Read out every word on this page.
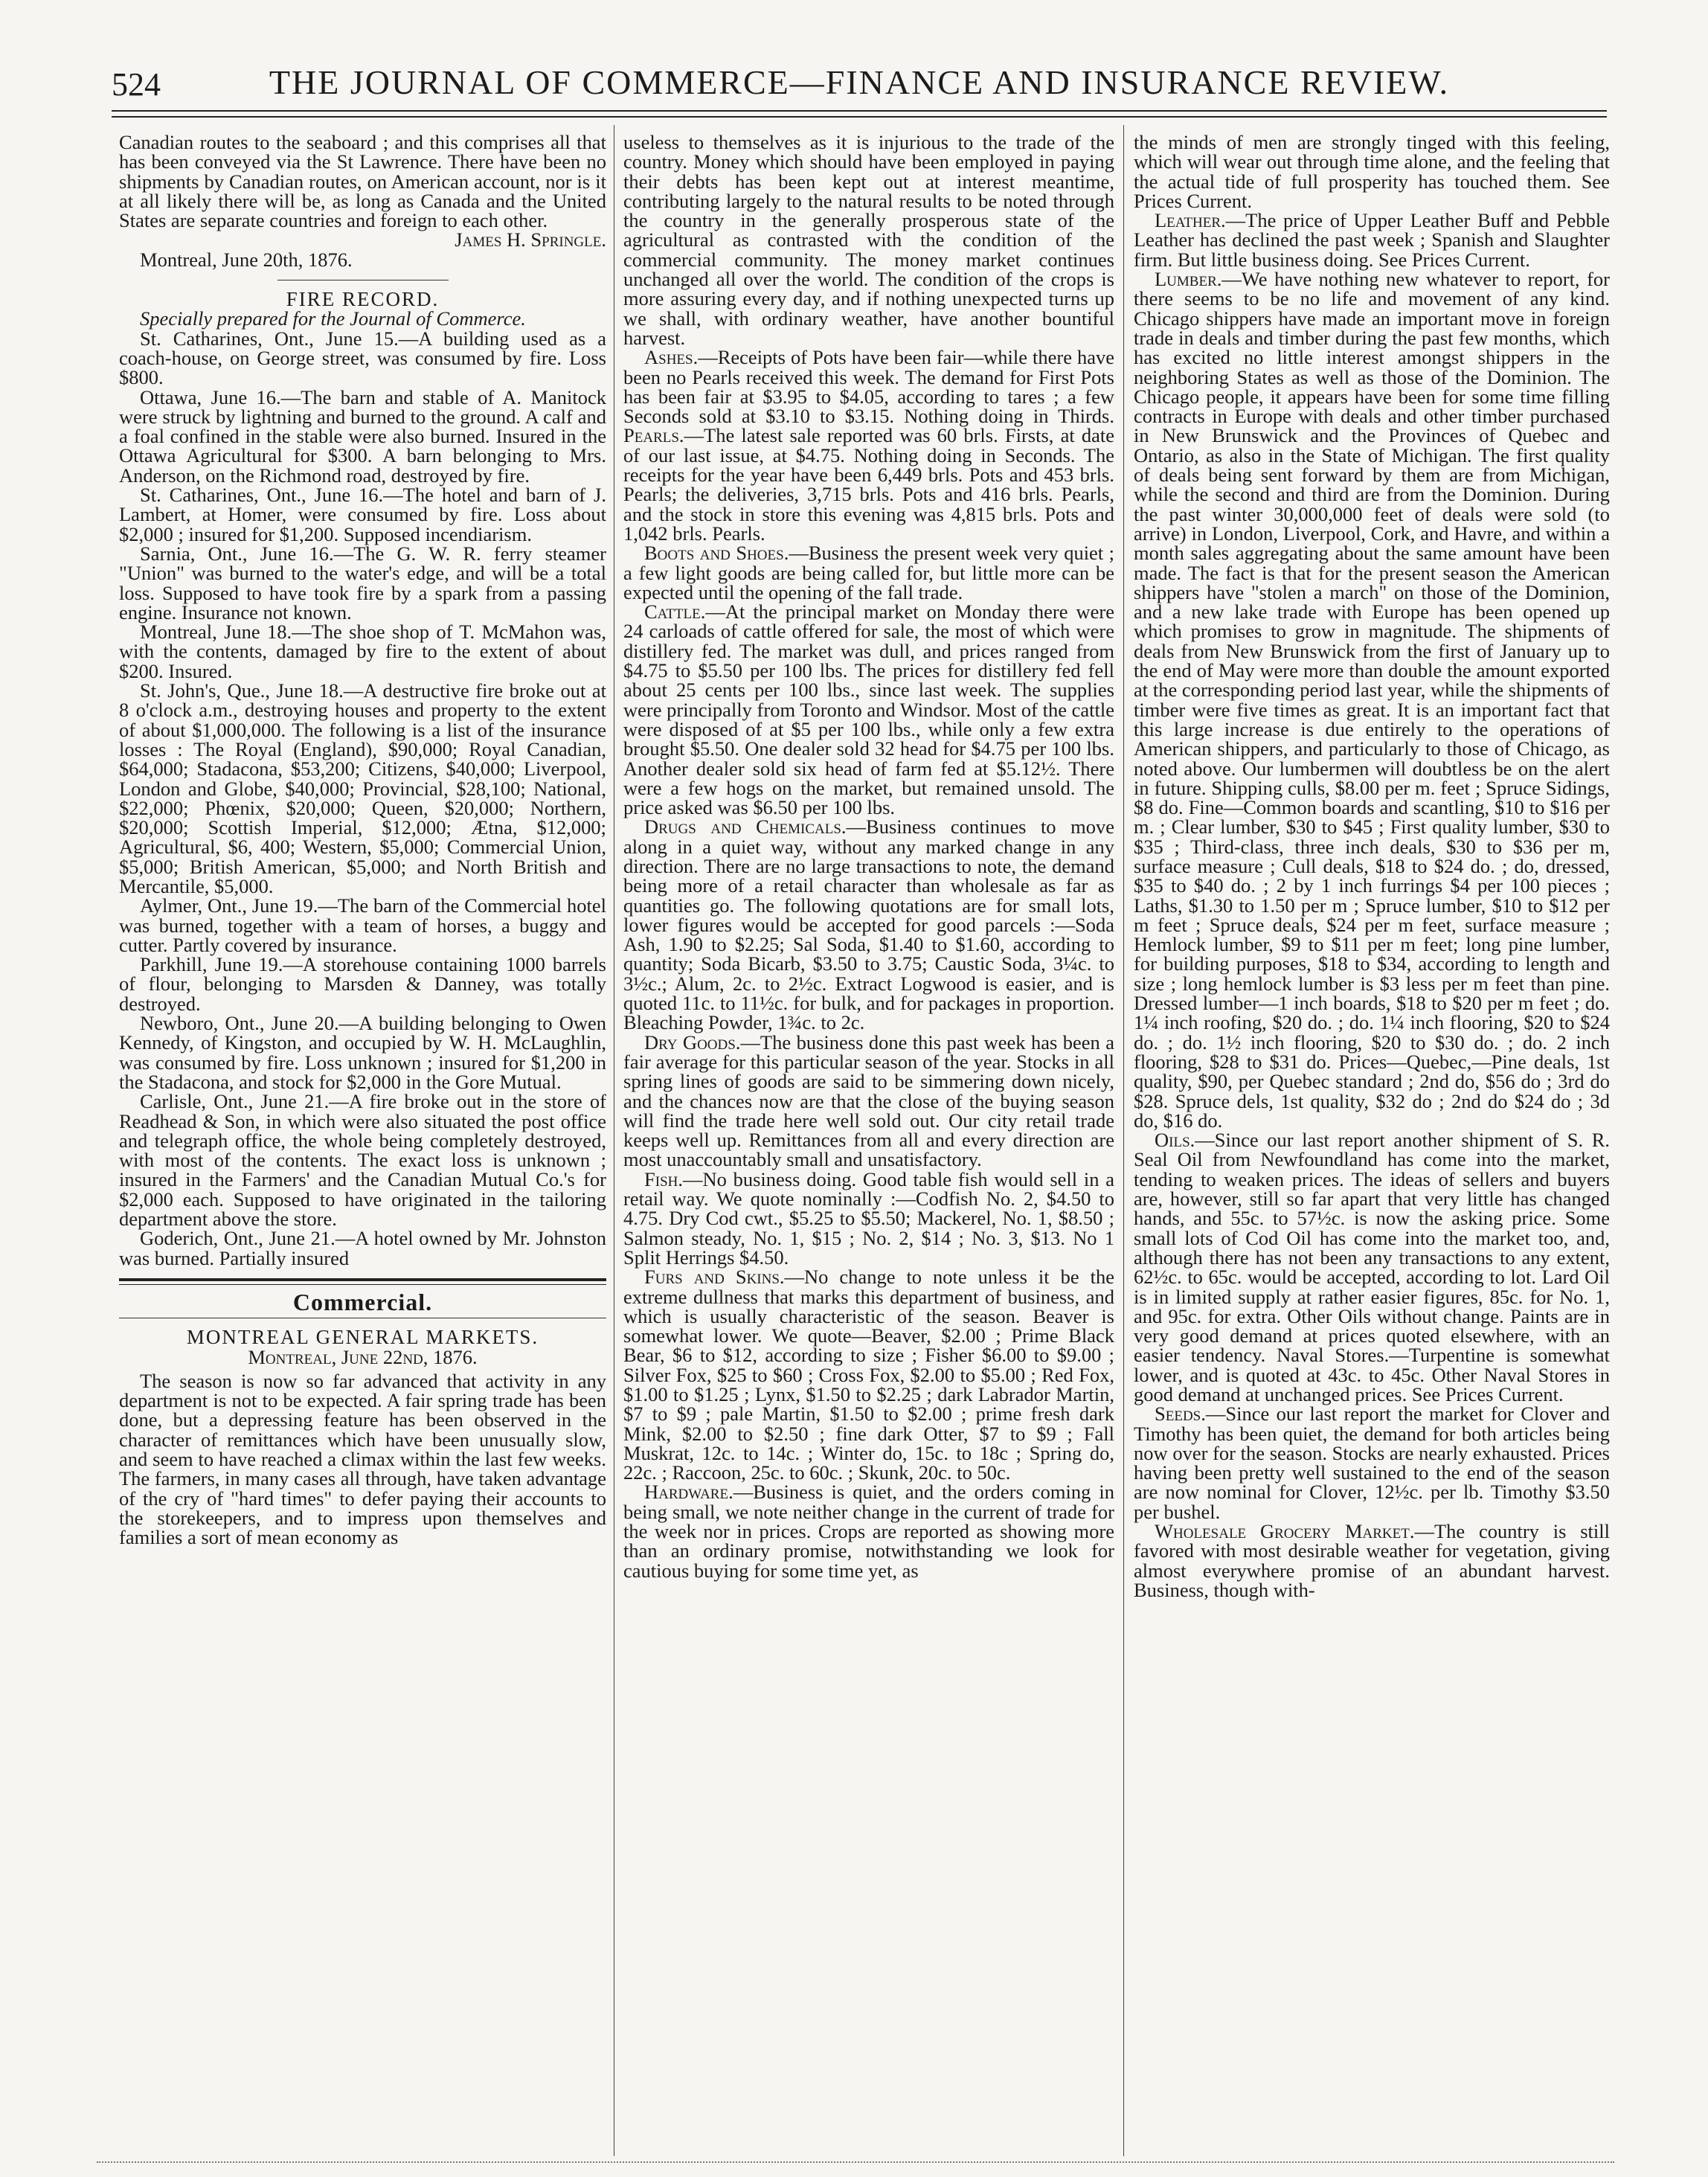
524	THE JOURNAL OF COMMERCE—FINANCE AND INSURANCE REVIEW.

Canadian routes to the seaboard ; and this comprises all that has been conveyed via the St Lawrence. There have been no shipments by Canadian routes, on American account, nor is it at all likely there will be, as long as Canada and the United States are separate countries and foreign to each other.

James H. Springle.

Montreal, June 20th, 1876.

FIRE RECORD.

Specially prepared for the Journal of Commerce.

St. Catharines, Ont., June 15.—A building used as a coach-house, on George street, was consumed by fire. Loss $800.

Ottawa, June 16.—The barn and stable of A. Manitock were struck by lightning and burned to the ground. A calf and a foal confined in the stable were also burned. Insured in the Ottawa Agricultural for $300. A barn belonging to Mrs. Anderson, on the Richmond road, destroyed by fire.

St. Catharines, Ont., June 16.—The hotel and barn of J. Lambert, at Homer, were consumed by fire. Loss about $2,000 ; insured for $1,200. Supposed incendiarism.

Sarnia, Ont., June 16.—The G. W. R. ferry steamer "Union" was burned to the water's edge, and will be a total loss. Supposed to have took fire by a spark from a passing engine. Insurance not known.

Montreal, June 18.—The shoe shop of T. McMahon was, with the contents, damaged by fire to the extent of about $200. Insured.

St. John's, Que., June 18.—A destructive fire broke out at 8 o'clock a.m., destroying houses and property to the extent of about $1,000,000. The following is a list of the insurance losses : The Royal (England), $90,000; Royal Canadian, $64,000; Stadacona, $53,200; Citizens, $40,000; Liverpool, London and Globe, $40,000; Provincial, $28,100; National, $22,000; Phœnix, $20,000; Queen, $20,000; Northern, $20,000; Scottish Imperial, $12,000; Ætna, $12,000; Agricultural, $6, 400; Western, $5,000; Commercial Union, $5,000; British American, $5,000; and North British and Mercantile, $5,000.

Aylmer, Ont., June 19.—The barn of the Commercial hotel was burned, together with a team of horses, a buggy and cutter. Partly covered by insurance.

Parkhill, June 19.—A storehouse containing 1000 barrels of flour, belonging to Marsden & Danney, was totally destroyed.

Newboro, Ont., June 20.—A building belonging to Owen Kennedy, of Kingston, and occupied by W. H. McLaughlin, was consumed by fire. Loss unknown ; insured for $1,200 in the Stadacona, and stock for $2,000 in the Gore Mutual.

Carlisle, Ont., June 21.—A fire broke out in the store of Readhead & Son, in which were also situated the post office and telegraph office, the whole being completely destroyed, with most of the contents. The exact loss is unknown ; insured in the Farmers' and the Canadian Mutual Co.'s for $2,000 each. Supposed to have originated in the tailoring department above the store.

Goderich, Ont., June 21.—A hotel owned by Mr. Johnston was burned. Partially insured

Commercial.
MONTREAL GENERAL MARKETS.
Montreal, June 22nd, 1876.

The season is now so far advanced that activity in any department is not to be expected. A fair spring trade has been done, but a depressing feature has been observed in the character of remittances which have been unusually slow, and seem to have reached a climax within the last few weeks. The farmers, in many cases all through, have taken advantage of the cry of "hard times" to defer paying their accounts to the storekeepers, and to impress upon themselves and families a sort of mean economy as

useless to themselves as it is injurious to the trade of the country. Money which should have been employed in paying their debts has been kept out at interest meantime, contributing largely to the natural results to be noted through the country in the generally prosperous state of the agricultural as contrasted with the condition of the commercial community. The money market continues unchanged all over the world. The condition of the crops is more assuring every day, and if nothing unexpected turns up we shall, with ordinary weather, have another bountiful harvest.

Ashes.—Receipts of Pots have been fair—while there have been no Pearls received this week. The demand for First Pots has been fair at $3.95 to $4.05, according to tares ; a few Seconds sold at $3.10 to $3.15. Nothing doing in Thirds. Pearls.—The latest sale reported was 60 brls. Firsts, at date of our last issue, at $4.75. Nothing doing in Seconds. The receipts for the year have been 6,449 brls. Pots and 453 brls. Pearls; the deliveries, 3,715 brls. Pots and 416 brls. Pearls, and the stock in store this evening was 4,815 brls. Pots and 1,042 brls. Pearls.

Boots and Shoes.—Business the present week very quiet ; a few light goods are being called for, but little more can be expected until the opening of the fall trade.

Cattle.—At the principal market on Monday there were 24 carloads of cattle offered for sale, the most of which were distillery fed. The market was dull, and prices ranged from $4.75 to $5.50 per 100 lbs. The prices for distillery fed fell about 25 cents per 100 lbs., since last week. The supplies were principally from Toronto and Windsor. Most of the cattle were disposed of at $5 per 100 lbs., while only a few extra brought $5.50. One dealer sold 32 head for $4.75 per 100 lbs. Another dealer sold six head of farm fed at $5.12½. There were a few hogs on the market, but remained unsold. The price asked was $6.50 per 100 lbs.

Drugs and Chemicals.—Business continues to move along in a quiet way, without any marked change in any direction. There are no large transactions to note, the demand being more of a retail character than wholesale as far as quantities go. The following quotations are for small lots, lower figures would be accepted for good parcels :—Soda Ash, 1.90 to $2.25; Sal Soda, $1.40 to $1.60, according to quantity; Soda Bicarb, $3.50 to 3.75; Caustic Soda, 3¼c. to 3½c.; Alum, 2c. to 2½c. Extract Logwood is easier, and is quoted 11c. to 11½c. for bulk, and for packages in proportion. Bleaching Powder, 1¾c. to 2c.

Dry Goods.—The business done this past week has been a fair average for this particular season of the year. Stocks in all spring lines of goods are said to be simmering down nicely, and the chances now are that the close of the buying season will find the trade here well sold out. Our city retail trade keeps well up. Remittances from all and every direction are most unaccountably small and unsatisfactory.

Fish.—No business doing. Good table fish would sell in a retail way. We quote nominally :—Codfish No. 2, $4.50 to 4.75. Dry Cod cwt., $5.25 to $5.50; Mackerel, No. 1, $8.50 ; Salmon steady, No. 1, $15 ; No. 2, $14 ; No. 3, $13. No 1 Split Herrings $4.50.

Furs and Skins.—No change to note unless it be the extreme dullness that marks this department of business, and which is usually characteristic of the season. Beaver is somewhat lower. We quote—Beaver, $2.00 ; Prime Black Bear, $6 to $12, according to size ; Fisher $6.00 to $9.00 ; Silver Fox, $25 to $60 ; Cross Fox, $2.00 to $5.00 ; Red Fox, $1.00 to $1.25 ; Lynx, $1.50 to $2.25 ; dark Labrador Martin, $7 to $9 ; pale Martin, $1.50 to $2.00 ; prime fresh dark Mink, $2.00 to $2.50 ; fine dark Otter, $7 to $9 ; Fall Muskrat, 12c. to 14c. ; Winter do, 15c. to 18c ; Spring do, 22c. ; Raccoon, 25c. to 60c. ; Skunk, 20c. to 50c.

Hardware.—Business is quiet, and the orders coming in being small, we note neither change in the current of trade for the week nor in prices. Crops are reported as showing more than an ordinary promise, notwithstanding we look for cautious buying for some time yet, as

the minds of men are strongly tinged with this feeling, which will wear out through time alone, and the feeling that the actual tide of full prosperity has touched them. See Prices Current.

Leather.—The price of Upper Leather Buff and Pebble Leather has declined the past week ; Spanish and Slaughter firm. But little business doing. See Prices Current.

Lumber.—We have nothing new whatever to report, for there seems to be no life and movement of any kind. Chicago shippers have made an important move in foreign trade in deals and timber during the past few months, which has excited no little interest amongst shippers in the neighboring States as well as those of the Dominion. The Chicago people, it appears have been for some time filling contracts in Europe with deals and other timber purchased in New Brunswick and the Provinces of Quebec and Ontario, as also in the State of Michigan. The first quality of deals being sent forward by them are from Michigan, while the second and third are from the Dominion. During the past winter 30,000,000 feet of deals were sold (to arrive) in London, Liverpool, Cork, and Havre, and within a month sales aggregating about the same amount have been made. The fact is that for the present season the American shippers have "stolen a march" on those of the Dominion, and a new lake trade with Europe has been opened up which promises to grow in magnitude. The shipments of deals from New Brunswick from the first of January up to the end of May were more than double the amount exported at the corresponding period last year, while the shipments of timber were five times as great. It is an important fact that this large increase is due entirely to the operations of American shippers, and particularly to those of Chicago, as noted above. Our lumbermen will doubtless be on the alert in future. Shipping culls, $8.00 per m. feet ; Spruce Sidings, $8 do. Fine—Common boards and scantling, $10 to $16 per m. ; Clear lumber, $30 to $45 ; First quality lumber, $30 to $35 ; Third-class, three inch deals, $30 to $36 per m, surface measure ; Cull deals, $18 to $24 do. ; do, dressed, $35 to $40 do. ; 2 by 1 inch furrings $4 per 100 pieces ; Laths, $1.30 to 1.50 per m ; Spruce lumber, $10 to $12 per m feet ; Spruce deals, $24 per m feet, surface measure ; Hemlock lumber, $9 to $11 per m feet; long pine lumber, for building purposes, $18 to $34, according to length and size ; long hemlock lumber is $3 less per m feet than pine. Dressed lumber—1 inch boards, $18 to $20 per m feet ; do. 1¼ inch roofing, $20 do. ; do. 1¼ inch flooring, $20 to $24 do. ; do. 1½ inch flooring, $20 to $30 do. ; do. 2 inch flooring, $28 to $31 do. Prices—Quebec,—Pine deals, 1st quality, $90, per Quebec standard ; 2nd do, $56 do ; 3rd do $28. Spruce dels, 1st quality, $32 do ; 2nd do $24 do ; 3d do, $16 do.

Oils.—Since our last report another shipment of S. R. Seal Oil from Newfoundland has come into the market, tending to weaken prices. The ideas of sellers and buyers are, however, still so far apart that very little has changed hands, and 55c. to 57½c. is now the asking price. Some small lots of Cod Oil has come into the market too, and, although there has not been any transactions to any extent, 62½c. to 65c. would be accepted, according to lot. Lard Oil is in limited supply at rather easier figures, 85c. for No. 1, and 95c. for extra. Other Oils without change. Paints are in very good demand at prices quoted elsewhere, with an easier tendency. Naval Stores.—Turpentine is somewhat lower, and is quoted at 43c. to 45c. Other Naval Stores in good demand at unchanged prices. See Prices Current.

Seeds.—Since our last report the market for Clover and Timothy has been quiet, the demand for both articles being now over for the season. Stocks are nearly exhausted. Prices having been pretty well sustained to the end of the season are now nominal for Clover, 12½c. per lb. Timothy $3.50 per bushel.

Wholesale Grocery Market.—The country is still favored with most desirable weather for vegetation, giving almost everywhere promise of an abundant harvest. Business, though with-
